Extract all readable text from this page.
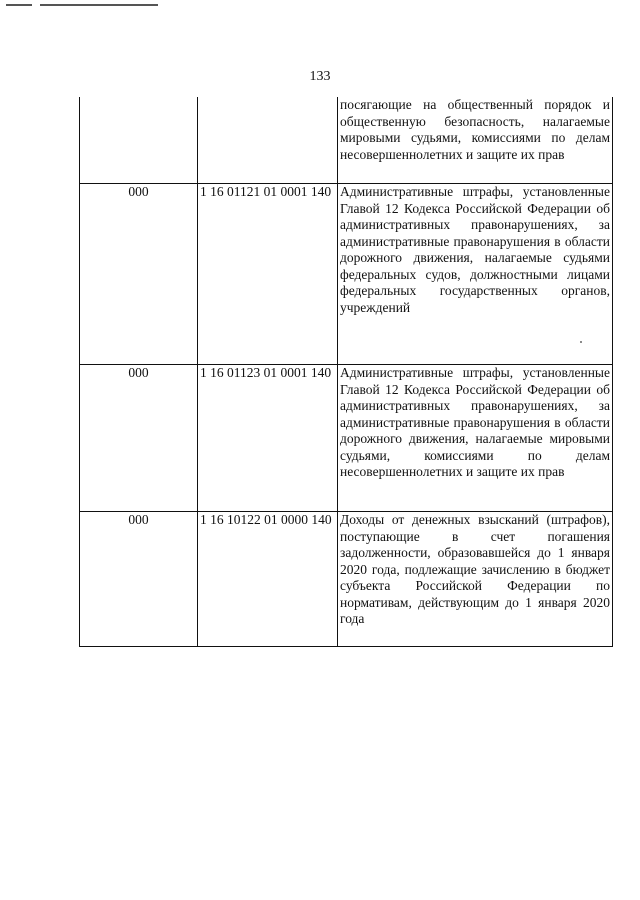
133
		посягающие на общественный порядок и общественную безопасность, налагаемые мировыми судьями, комиссиями по делам несовершеннолетних и защите их прав
000	1 16 01121 01 0001 140	Административные штрафы, установленные Главой 12 Кодекса Российской Федерации об административных правонарушениях, за административные правонарушения в области дорожного движения, налагаемые судьями федеральных судов, должностными лицами федеральных государственных органов, учреждений
000	1 16 01123 01 0001 140	Административные штрафы, установленные Главой 12 Кодекса Российской Федерации об административных правонарушениях, за административные правонарушения в области дорожного движения, налагаемые мировыми судьями, комиссиями по делам несовершеннолетних и защите их прав
000	1 16 10122 01 0000 140	Доходы от денежных взысканий (штрафов), поступающие в счет погашения задолженности, образовавшейся до 1 января 2020 года, подлежащие зачислению в бюджет субъекта Российской Федерации по нормативам, действующим до 1 января 2020 года
